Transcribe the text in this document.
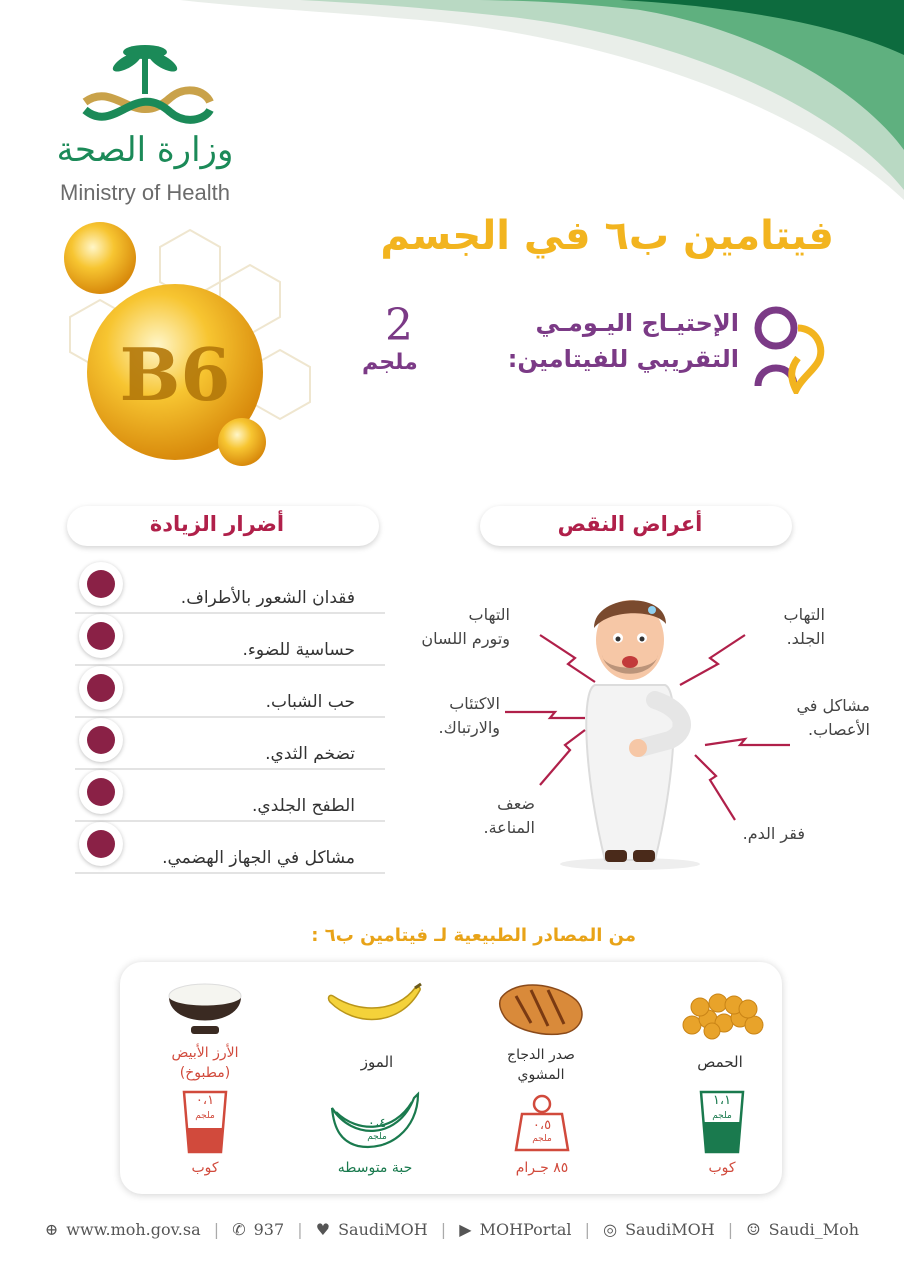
وزارة الصحة
Ministry of Health
B6
فيتامين ب٦ في الجسم
الإحتيـاج اليـومـي
التقريبي للفيتامين:
2
ملجم
أضرار الزيادة	أعراض النقص
فقدان الشعور بالأطراف.
حساسية للضوء.
حب الشباب.
تضخم الثدي.
الطفح الجلدي.
مشاكل في الجهاز الهضمي.
التهاب
وتورم اللسان
التهاب
الجلد.
الاكتئاب
والارتباك.
مشاكل في
الأعصاب.
ضعف
المناعة.	فقر الدم.
من المصادر الطبيعية لـ فيتامين ب٦ :
الحمص
صدر الدجاج
المشوي
الموز
الأرز الأبيض
(مطبوخ)
١،١
ملجم
كوب
٠،٥
ملجم
٨٥ جـرام
٠،٤
ملجم
حبة متوسطه
٠،١
ملجم
كوب
⊕ www.moh.gov.sa | ✆ 937 | ♥ SaudiMOH | ▶ MOHPortal | ◎ SaudiMOH | ☺ Saudi_Moh
